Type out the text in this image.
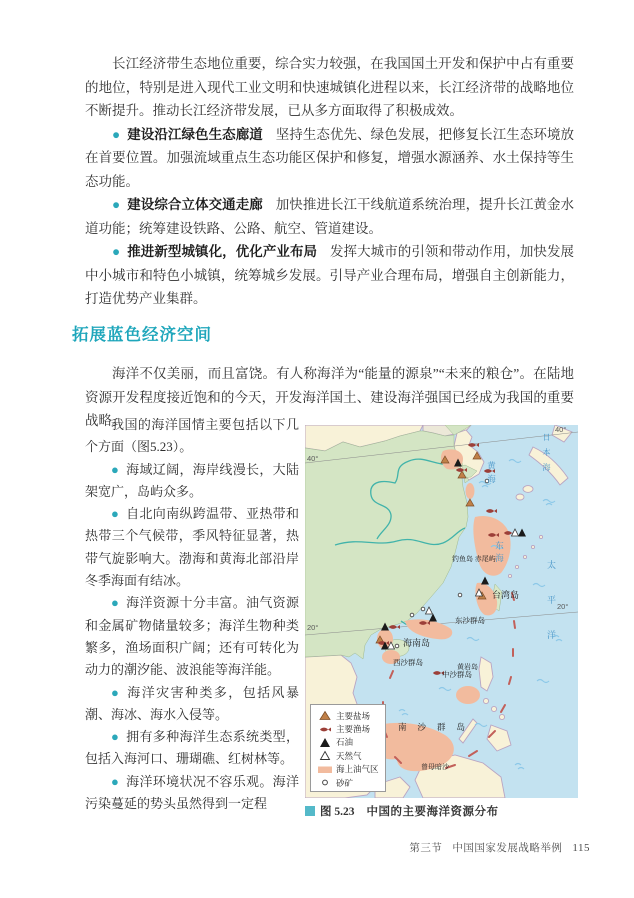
长江经济带生态地位重要，综合实力较强，在我国国土开发和保护中占有重要的地位，特别是进入现代工业文明和快速城镇化进程以来，长江经济带的战略地位不断提升。推动长江经济带发展，已从多方面取得了积极成效。

● 建设沿江绿色生态廊道 坚持生态优先、绿色发展，把修复长江生态环境放在首要位置。加强流域重点生态功能区保护和修复，增强水源涵养、水土保持等生态功能。

● 建设综合立体交通走廊 加快推进长江干线航道系统治理，提升长江黄金水道功能；统筹建设铁路、公路、航空、管道建设。

● 推进新型城镇化，优化产业布局 发挥大城市的引领和带动作用，加快发展中小城市和特色小城镇，统筹城乡发展。引导产业合理布局，增强自主创新能力，打造优势产业集群。

拓展蓝色经济空间

海洋不仅美丽，而且富饶。有人称海洋为“能量的源泉”“未来的粮仓”。在陆地资源开发程度接近饱和的今天，开发海洋国土、建设海洋强国已经成为我国的重要战略。

我国的海洋国情主要包括以下几个方面（图5.23）。

● 海域辽阔，海岸线漫长，大陆架宽广，岛屿众多。

● 自北向南纵跨温带、亚热带和热带三个气候带，季风特征显著，热带气旋影响大。渤海和黄海北部沿岸冬季海面有结冰。

● 海洋资源十分丰富。油气资源和金属矿物储量较多；海洋生物种类繁多，渔场面积广阔；还有可转化为动力的潮汐能、波浪能等海洋能。

● 海洋灾害种类多，包括风暴潮、海冰、海水入侵等。

● 拥有多种海洋生态系统类型，包括入海河口、珊瑚礁、红树林等。

● 海洋环境状况不容乐观。海洋污染蔓延的势头虽然得到一定程

40°
40°
20°
20°
日本海
黄海
东海
太平洋
钓鱼岛 赤尾屿
台湾岛
东沙群岛
海南岛
西沙群岛	黄岩岛
中沙群岛
南沙群岛
曾母暗沙
主要盐场
主要渔场
石油
天然气
海上油气区
砂矿
图 5.23 中国的主要海洋资源分布
第三节 中国国家发展战略举例 115
